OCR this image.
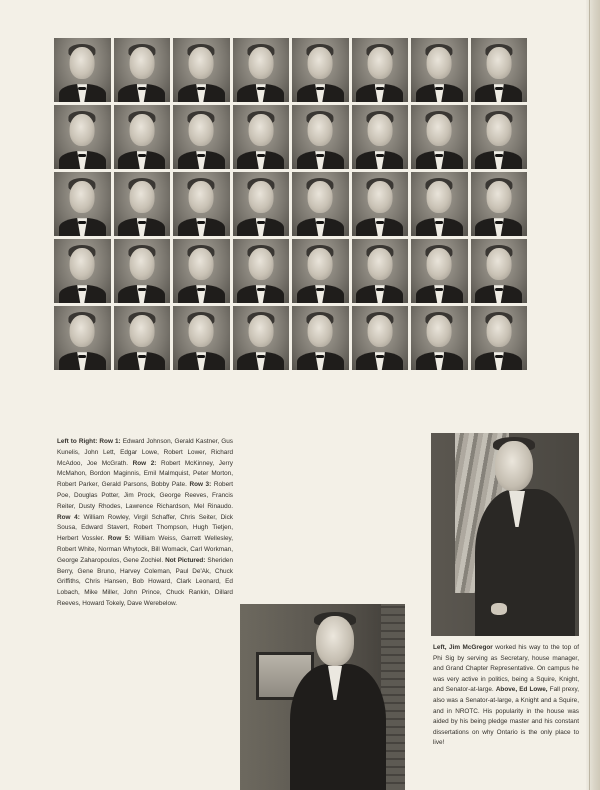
Left to Right: Row 1: Edward Johnson, Gerald Kastner, Gus Kunelis, John Lett, Edgar Lowe, Robert Lower, Richard McAdoo, Joe McGrath. Row 2: Robert McKinney, Jerry McMahon, Bordon Maginnis, Emil Malmquist, Peter Morton, Robert Parker, Gerald Parsons, Bobby Pate. Row 3: Robert Poe, Douglas Potter, Jim Prock, George Reeves, Francis Reiter, Dusty Rhodes, Lawrence Richardson, Mel Rinaudo. Row 4: William Rowley, Virgil Schaffer, Chris Seiter, Dick Sousa, Edward Stavert, Robert Thompson, Hugh Tietjen, Herbert Vossler. Row 5: William Weiss, Garrett Wellesley, Robert White, Norman Whytock, Bill Womack, Carl Workman, George Zaharopoulos, Gene Zochiel. Not Pictured: Sheriden Berry, Gene Bruno, Harvey Coleman, Paul De'Ak, Chuck Griffiths, Chris Hansen, Bob Howard, Clark Leonard, Ed Lobach, Mike Miller, John Prince, Chuck Rankin, Dillard Reeves, Howard Tokely, Dave Werebelow.
Left, Jim McGregor worked his way to the top of Phi Sig by serving as Secretary, house manager, and Grand Chapter Representative. On campus he was very active in politics, being a Squire, Knight, and Senator-at-large. Above, Ed Lowe, Fall prexy, also was a Senator-at-large, a Knight and a Squire, and in NROTC. His popularity in the house was aided by his being pledge master and his constant dissertations on why Ontario is the only place to live!
